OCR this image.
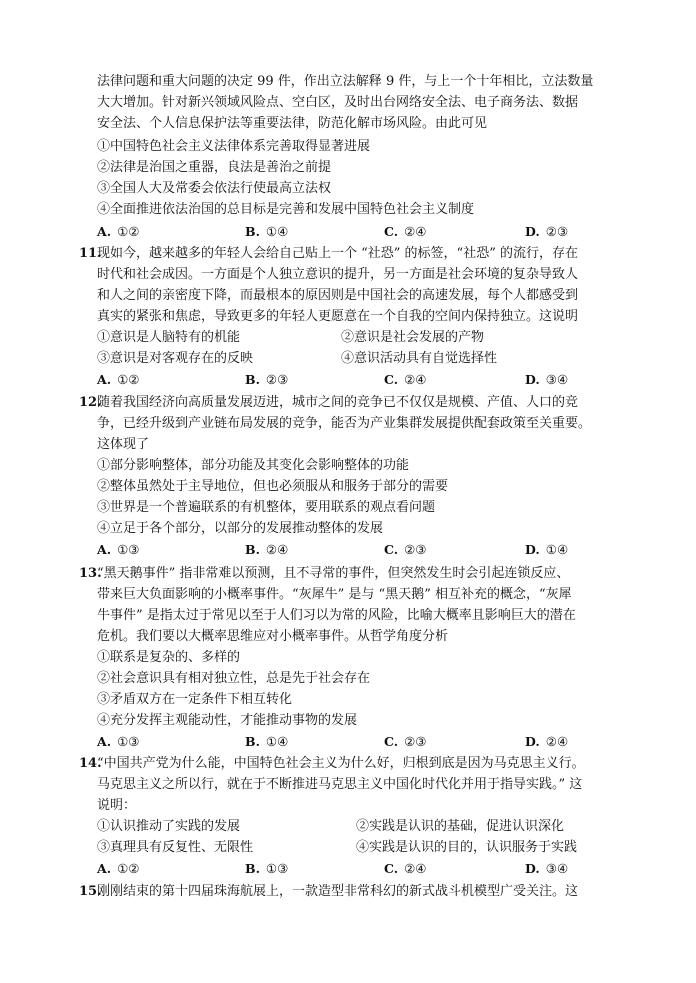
法律问题和重大问题的决定 99 件，作出立法解释 9 件，与上一个十年相比，立法数量
大大增加。针对新兴领域风险点、空白区，及时出台网络安全法、电子商务法、数据
安全法、个人信息保护法等重要法律，防范化解市场风险。由此可见
①中国特色社会主义法律体系完善取得显著进展
②法律是治国之重器，良法是善治之前提
③全国人大及常委会依法行使最高立法权
④全面推进依法治国的总目标是完善和发展中国特色社会主义制度
A. ①②	B. ①④	C. ②④	D. ②③
11.
现如今，越来越多的年轻人会给自己贴上一个 “社恐” 的标签，“社恐” 的流行，存在
时代和社会成因。一方面是个人独立意识的提升，另一方面是社会环境的复杂导致人
和人之间的亲密度下降，而最根本的原因则是中国社会的高速发展，每个人都感受到
真实的紧张和焦虑，导致更多的年轻人更愿意在一个自我的空间内保持独立。这说明
①意识是人脑特有的机能	②意识是社会发展的产物
③意识是对客观存在的反映	④意识活动具有自觉选择性
A. ①②	B. ②③	C. ②④	D. ③④
12.
随着我国经济向高质量发展迈进，城市之间的竞争已不仅仅是规模、产值、人口的竞
争，已经升级到产业链布局发展的竞争，能否为产业集群发展提供配套政策至关重要。
这体现了
①部分影响整体，部分功能及其变化会影响整体的功能
②整体虽然处于主导地位，但也必须服从和服务于部分的需要
③世界是一个普遍联系的有机整体，要用联系的观点看问题
④立足于各个部分，以部分的发展推动整体的发展
A. ①③	B. ②④	C. ②③	D. ①④
13.
“黑天鹅事件” 指非常难以预测，且不寻常的事件，但突然发生时会引起连锁反应、
带来巨大负面影响的小概率事件。“灰犀牛” 是与 “黑天鹅” 相互补充的概念，“灰犀
牛事件” 是指太过于常见以至于人们习以为常的风险，比喻大概率且影响巨大的潜在
危机。我们要以大概率思维应对小概率事件。从哲学角度分析
①联系是复杂的、多样的
②社会意识具有相对独立性，总是先于社会存在
③矛盾双方在一定条件下相互转化
④充分发挥主观能动性，才能推动事物的发展
A. ①③	B. ①④	C. ②③	D. ②④
14.
“中国共产党为什么能，中国特色社会主义为什么好，归根到底是因为马克思主义行。
马克思主义之所以行，就在于不断推进马克思主义中国化时代化并用于指导实践。” 这
说明：
①认识推动了实践的发展	②实践是认识的基础，促进认识深化
③真理具有反复性、无限性	④实践是认识的目的，认识服务于实践
A. ①②	B. ①③	C. ②④	D. ③④
15.
刚刚结束的第十四届珠海航展上，一款造型非常科幻的新式战斗机模型广受关注。这
